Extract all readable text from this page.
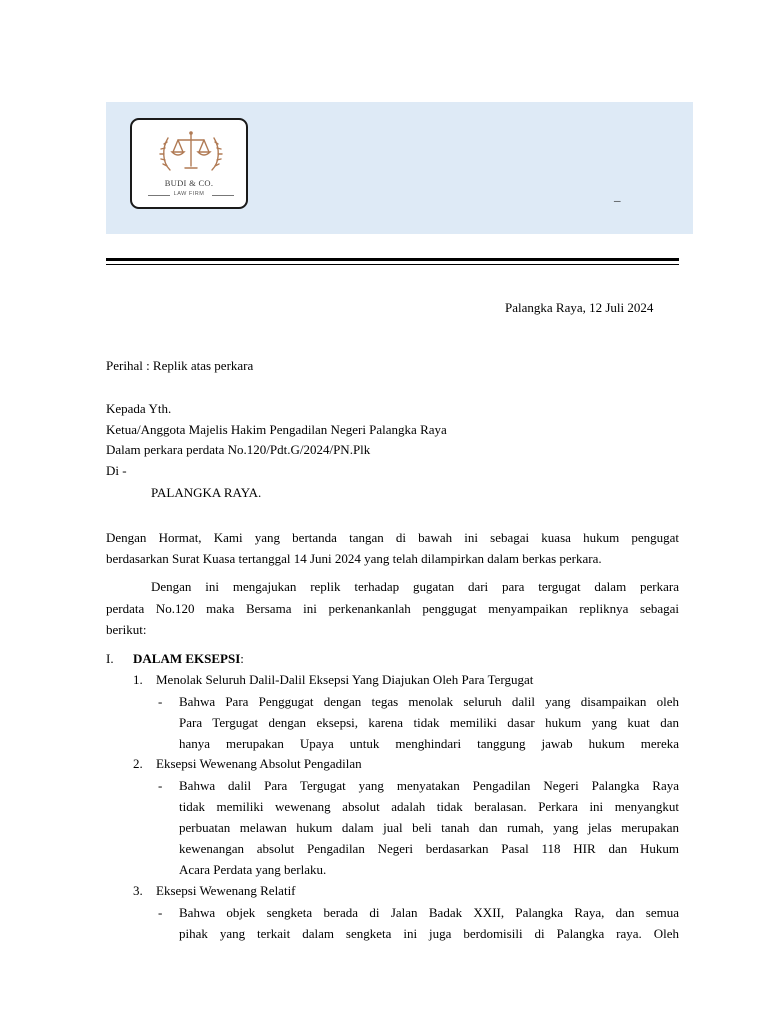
BUDI & CO.
LAW FIRM	_
Palangka Raya, 12 Juli 2024
Perihal : Replik atas perkara
Kepada Yth.
Ketua/Anggota Majelis Hakim Pengadilan Negeri Palangka Raya
Dalam perkara perdata No.120/Pdt.G/2024/PN.Plk
Di -
PALANGKA RAYA.
Dengan Hormat, Kami yang bertanda tangan di bawah ini sebagai kuasa hukum pengugat
berdasarkan Surat Kuasa tertanggal 14 Juni 2024 yang telah dilampirkan dalam berkas perkara.
Dengan ini mengajukan replik terhadap gugatan dari para tergugat dalam perkara
perdata No.120 maka Bersama ini perkenankanlah penggugat menyampaikan repliknya sebagai
berikut:
I. DALAM EKSEPSI:
1. Menolak Seluruh Dalil-Dalil Eksepsi Yang Diajukan Oleh Para Tergugat
- Bahwa Para Penggugat dengan tegas menolak seluruh dalil yang disampaikan oleh
Para Tergugat dengan eksepsi, karena tidak memiliki dasar hukum yang kuat dan
hanya merupakan Upaya untuk menghindari tanggung jawab hukum mereka
2. Eksepsi Wewenang Absolut Pengadilan
- Bahwa dalil Para Tergugat yang menyatakan Pengadilan Negeri Palangka Raya
tidak memiliki wewenang absolut adalah tidak beralasan. Perkara ini menyangkut
perbuatan melawan hukum dalam jual beli tanah dan rumah, yang jelas merupakan
kewenangan absolut Pengadilan Negeri berdasarkan Pasal 118 HIR dan Hukum
Acara Perdata yang berlaku.
3. Eksepsi Wewenang Relatif
- Bahwa objek sengketa berada di Jalan Badak XXII, Palangka Raya, dan semua
pihak yang terkait dalam sengketa ini juga berdomisili di Palangka raya. Oleh
